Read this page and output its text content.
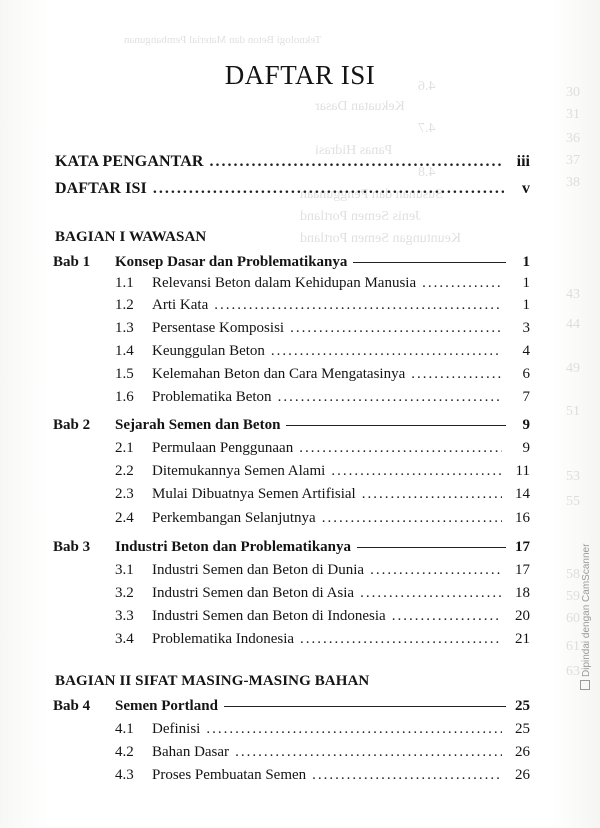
Teknologi Beton dan Material Pembangunan
4.6
Kekuatan Dasar
4.7
Panas Hidrasi
4.8
Susunan dan Penggunaan
Jenis Semen Portland
Keuntungan Semen Portland
30
31
36
37
38
43
44
49
51
53
55
58
59
60
61
63
DAFTAR ISI
KATA PENGANTAR .....	iii
DAFTAR ISI .....	v
BAGIAN I WAWASAN
Bab 1	Konsep Dasar dan Problematikanya	1
1.1	Relevansi Beton dalam Kehidupan Manusia .....	1
1.2	Arti Kata .....	1
1.3	Persentase Komposisi .....	3
1.4	Keunggulan Beton .....	4
1.5	Kelemahan Beton dan Cara Mengatasinya .....	6
1.6	Problematika Beton .....	7
Bab 2	Sejarah Semen dan Beton	9
2.1	Permulaan Penggunaan .....	9
2.2	Ditemukannya Semen Alami .....	11
2.3	Mulai Dibuatnya Semen Artifisial .....	14
2.4	Perkembangan Selanjutnya .....	16
Bab 3	Industri Beton dan Problematikanya	17
3.1	Industri Semen dan Beton di Dunia .....	17
3.2	Industri Semen dan Beton di Asia .....	18
3.3	Industri Semen dan Beton di Indonesia .....	20
3.4	Problematika Indonesia .....	21
BAGIAN II SIFAT MASING-MASING BAHAN
Bab 4	Semen Portland	25
4.1	Definisi .....	25
4.2	Bahan Dasar .....	26
4.3	Proses Pembuatan Semen .....	26
Dipindai dengan CamScanner
